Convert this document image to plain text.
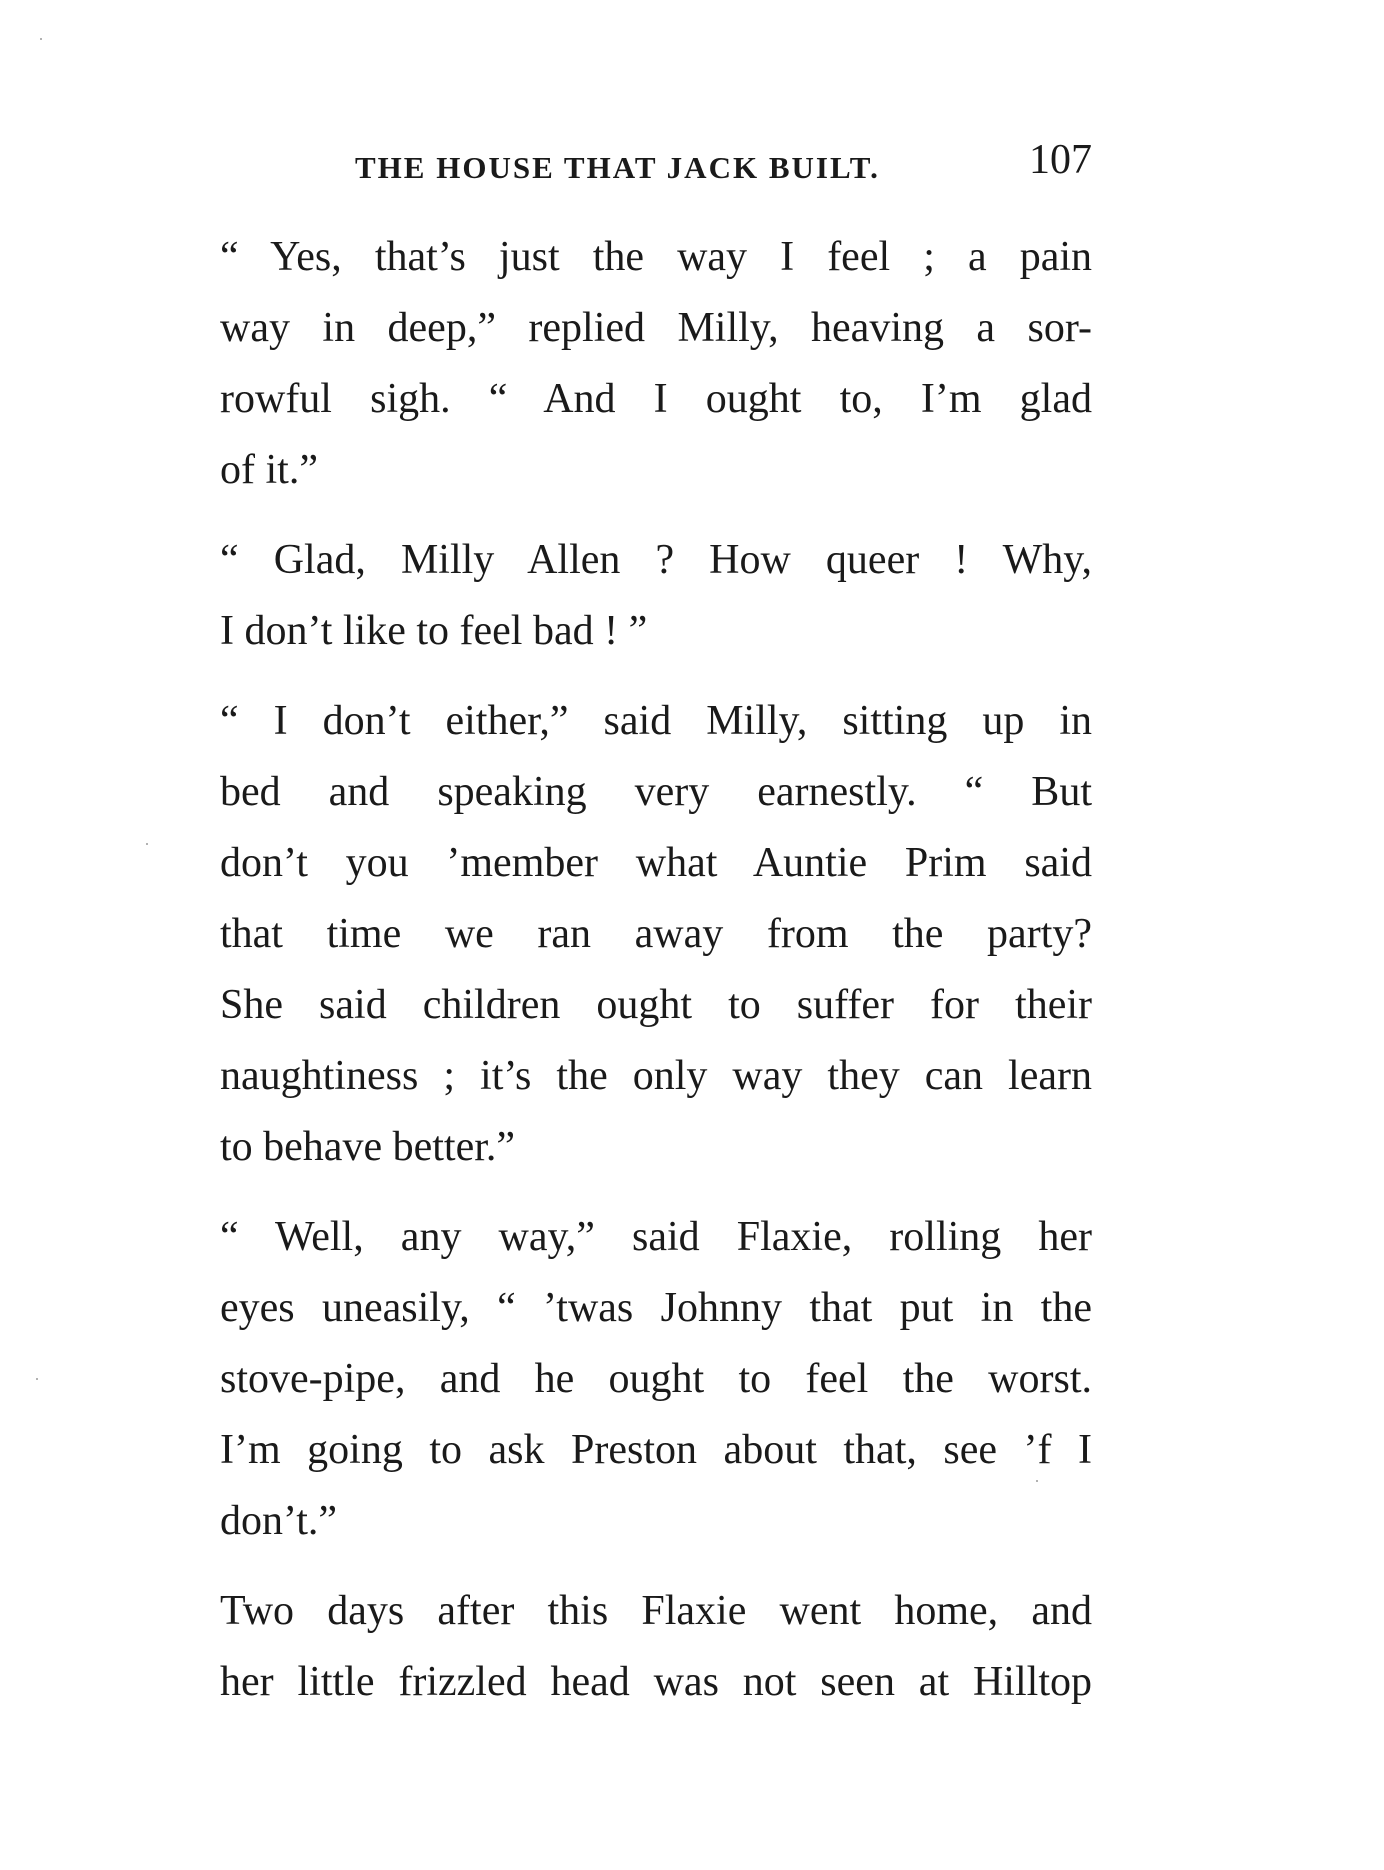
THE HOUSE THAT JACK BUILT.	107

“ Yes, that’s just the way I feel ; a pain
way in deep,” replied Milly, heaving a sor-
rowful sigh. “ And I ought to, I’m glad
of it.”

“ Glad, Milly Allen ? How queer ! Why,
I don’t like to feel bad ! ”

“ I don’t either,” said Milly, sitting up in
bed and speaking very earnestly. “ But
don’t you ’member what Auntie Prim said
that time we ran away from the party?
She said children ought to suffer for their
naughtiness ; it’s the only way they can learn
to behave better.”

“ Well, any way,” said Flaxie, rolling her
eyes uneasily, “ ’twas Johnny that put in the
stove-pipe, and he ought to feel the worst.
I’m going to ask Preston about that, see ’f I
don’t.”

Two days after this Flaxie went home, and
her little frizzled head was not seen at Hilltop
